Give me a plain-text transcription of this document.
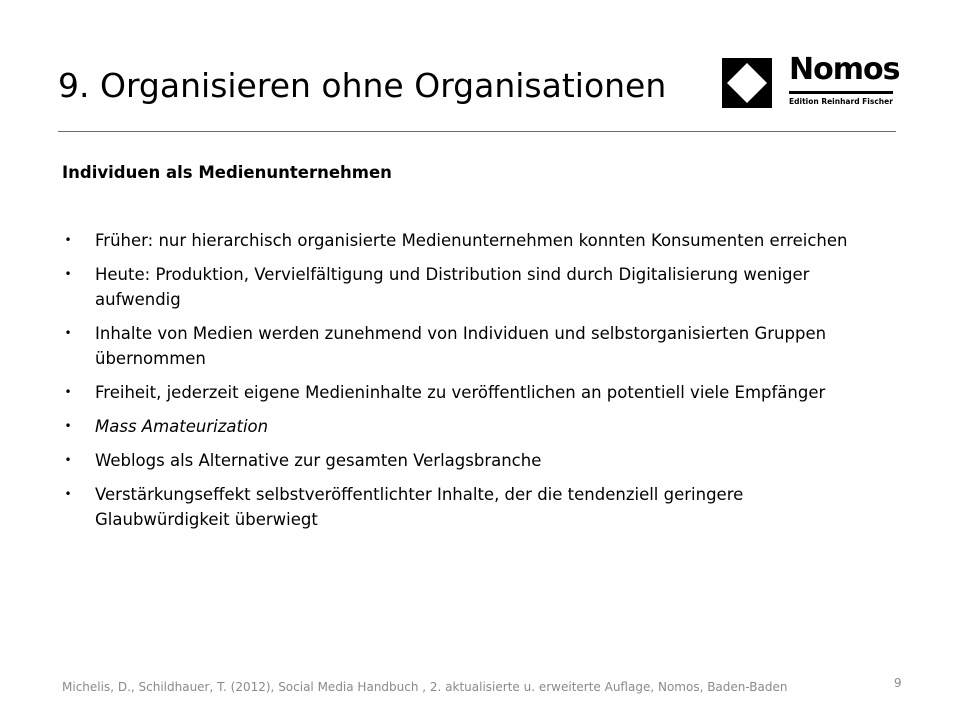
9. Organisieren ohne Organisationen	Nomos
Edition Reinhard Fischer
Individuen als Medienunternehmen
• Früher: nur hierarchisch organisierte Medienunternehmen konnten Konsumenten erreichen
• Heute: Produktion, Vervielfältigung und Distribution sind durch Digitalisierung weniger aufwendig
• Inhalte von Medien werden zunehmend von Individuen und selbstorganisierten Gruppen übernommen
• Freiheit, jederzeit eigene Medieninhalte zu veröffentlichen an potentiell viele Empfänger
• Mass Amateurization
• Weblogs als Alternative zur gesamten Verlagsbranche
• Verstärkungseffekt selbstveröffentlichter Inhalte, der die tendenziell geringere Glaubwürdigkeit überwiegt
Michelis, D., Schildhauer, T. (2012), Social Media Handbuch , 2. aktualisierte u. erweiterte Auflage, Nomos, Baden-Baden	9
